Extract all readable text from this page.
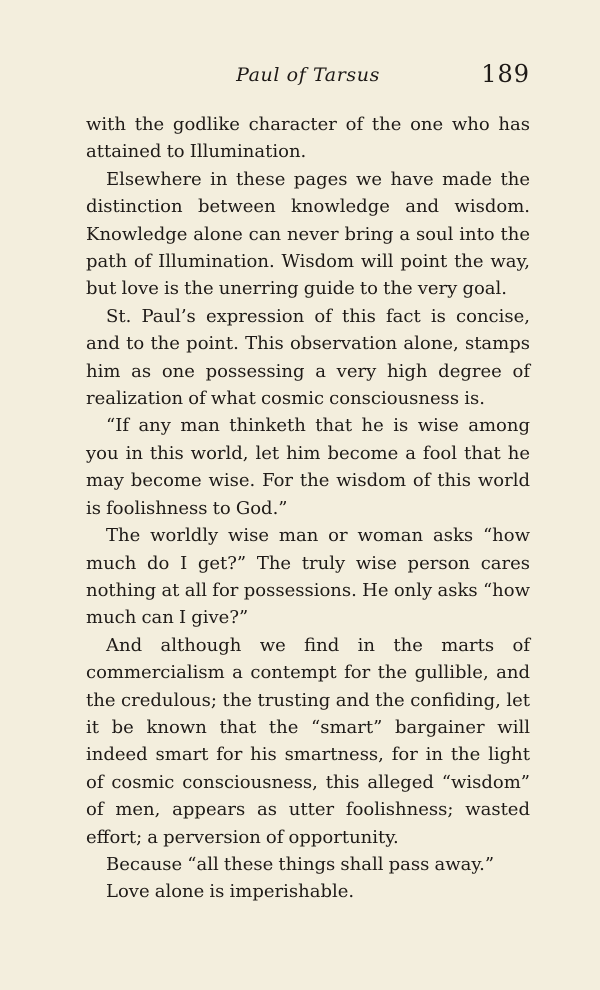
Paul of Tarsus	189

with the godlike character of the one who has attained to Illumination.

Elsewhere in these pages we have made the distinction between knowledge and wisdom. Knowledge alone can never bring a soul into the path of Illumination. Wisdom will point the way, but love is the unerring guide to the very goal.

St. Paul’s expression of this fact is concise, and to the point. This observation alone, stamps him as one possessing a very high degree of realization of what cosmic consciousness is.

“If any man thinketh that he is wise among you in this world, let him become a fool that he may become wise. For the wisdom of this world is foolishness to God.”

The worldly wise man or woman asks “how much do I get?” The truly wise person cares nothing at all for possessions. He only asks “how much can I give?”

And although we find in the marts of commercialism a contempt for the gullible, and the credulous; the trusting and the confiding, let it be known that the “smart” bargainer will indeed smart for his smartness, for in the light of cosmic consciousness, this alleged “wisdom” of men, appears as utter foolishness; wasted effort; a perversion of opportunity.

Because “all these things shall pass away.”

Love alone is imperishable.
